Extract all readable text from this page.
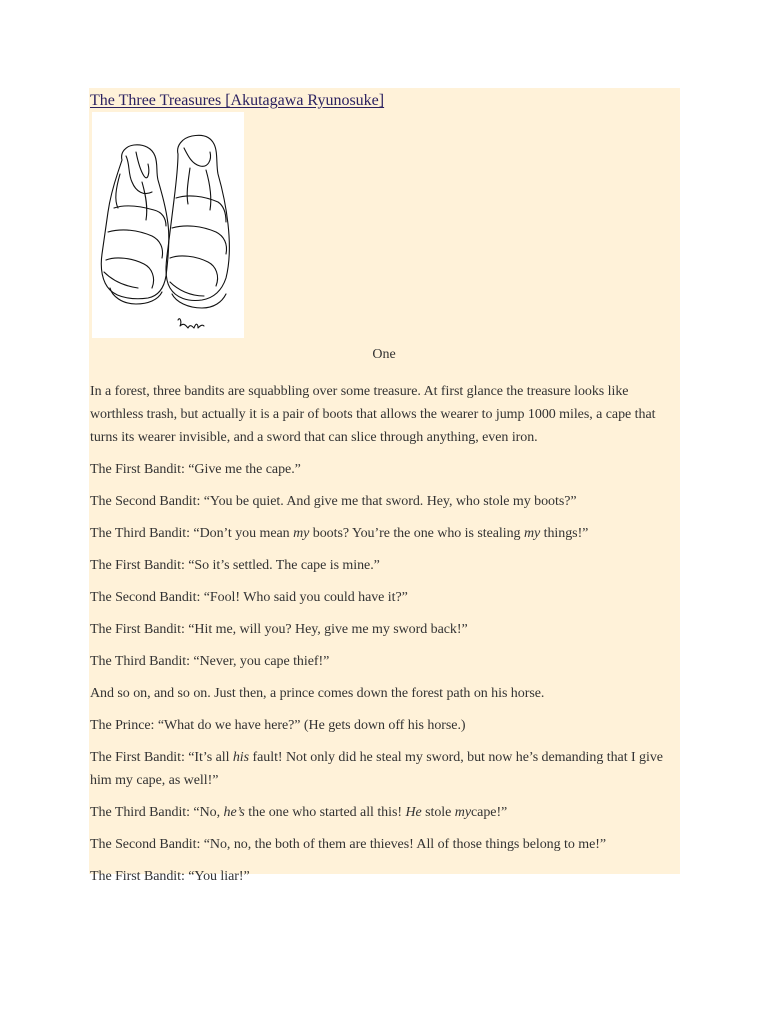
The Three Treasures [Akutagawa Ryunosuke]
One

In a forest, three bandits are squabbling over some treasure. At first glance the treasure looks like worthless trash, but actually it is a pair of boots that allows the wearer to jump 1000 miles, a cape that turns its wearer invisible, and a sword that can slice through anything, even iron.

The First Bandit: “Give me the cape.”

The Second Bandit: “You be quiet. And give me that sword. Hey, who stole my boots?”

The Third Bandit: “Don’t you mean my boots? You’re the one who is stealing my things!”

The First Bandit: “So it’s settled. The cape is mine.”

The Second Bandit: “Fool! Who said you could have it?”

The First Bandit: “Hit me, will you? Hey, give me my sword back!”

The Third Bandit: “Never, you cape thief!”

And so on, and so on. Just then, a prince comes down the forest path on his horse.

The Prince: “What do we have here?” (He gets down off his horse.)

The First Bandit: “It’s all his fault! Not only did he steal my sword, but now he’s demanding that I give him my cape, as well!”

The Third Bandit: “No, he’s the one who started all this! He stole mycape!”

The Second Bandit: “No, no, the both of them are thieves! All of those things belong to me!”

The First Bandit: “You liar!”
